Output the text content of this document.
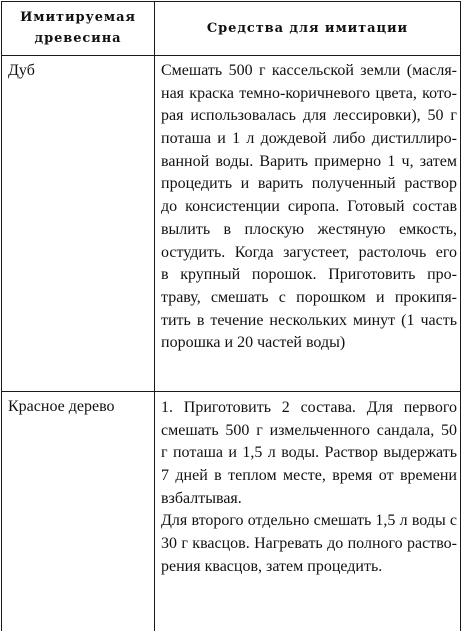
Имитируемая
древесина
Средства для имитации
Дуб	Смешать 500 г кассельской земли (масля-
ная краска темно-коричневого цвета, кото-
рая использовалась для лессировки), 50 г
поташа и 1 л дождевой либо дистиллиро-
ванной воды. Варить примерно 1 ч, затем
процедить и варить полученный раствор
до консистенции сиропа. Готовый состав
вылить в плоскую жестяную емкость,
остудить. Когда загустеет, растолочь его
в крупный порошок. Приготовить про-
траву, смешать с порошком и прокипя-
тить в течение нескольких минут (1 часть
порошка и 20 частей воды)
Красное дерево	1. Приготовить 2 состава. Для первого
смешать 500 г измельченного сандала, 50
г поташа и 1,5 л воды. Раствор выдержать
7 дней в теплом месте, время от времени
взбалтывая.
Для второго отдельно смешать 1,5 л воды с
30 г квасцов. Нагревать до полного раство-
рения квасцов, затем процедить.
